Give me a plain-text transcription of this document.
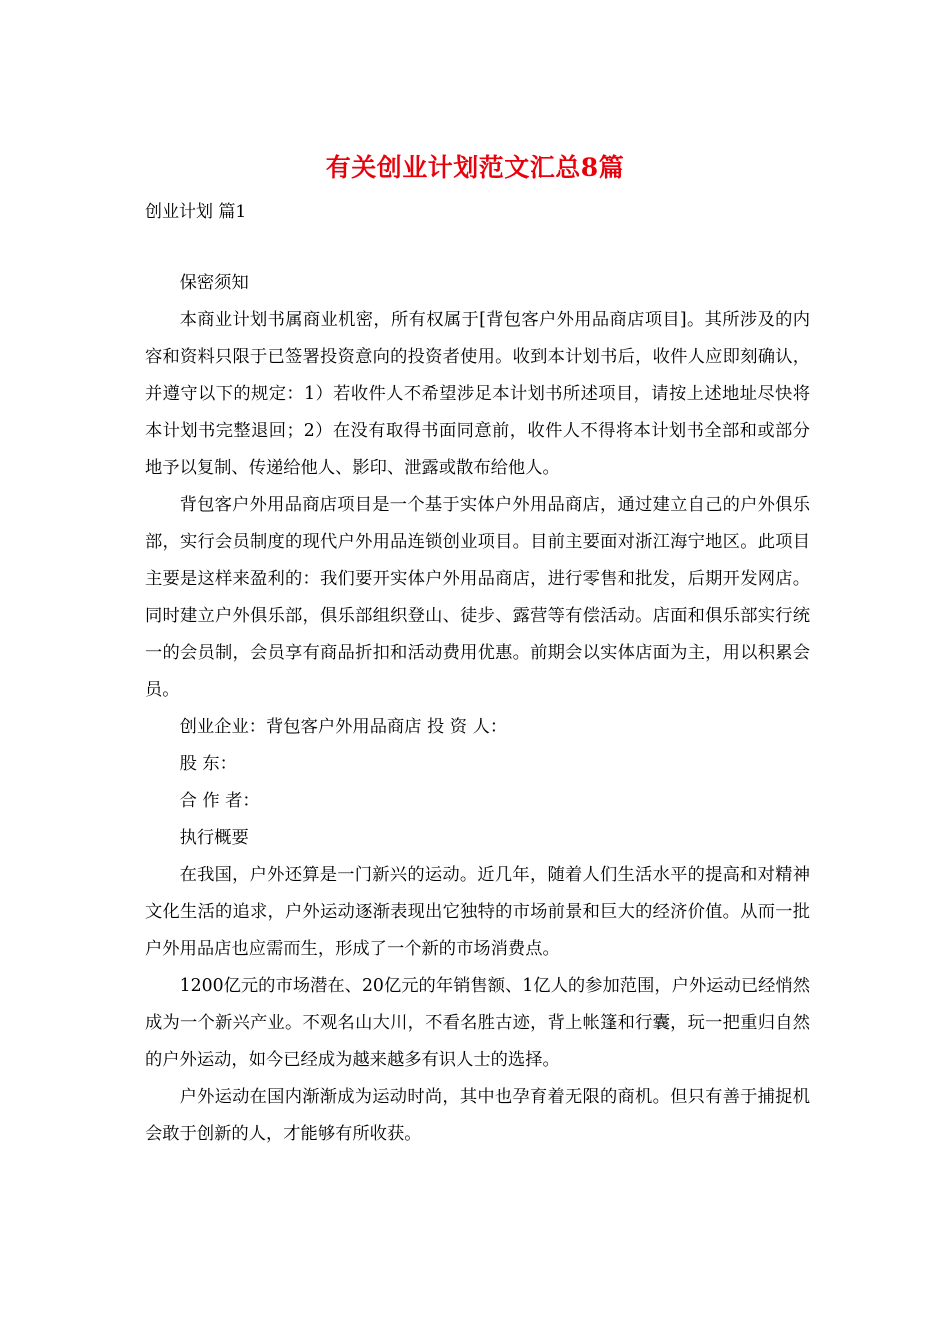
有关创业计划范文汇总8篇
创业计划 篇1

保密须知

本商业计划书属商业机密，所有权属于[背包客户外用品商店项目]。其所涉及的内容和资料只限于已签署投资意向的投资者使用。收到本计划书后，收件人应即刻确认，并遵守以下的规定：1）若收件人不希望涉足本计划书所述项目，请按上述地址尽快将本计划书完整退回；2）在没有取得书面同意前，收件人不得将本计划书全部和或部分地予以复制、传递给他人、影印、泄露或散布给他人。

背包客户外用品商店项目是一个基于实体户外用品商店，通过建立自己的户外俱乐部，实行会员制度的现代户外用品连锁创业项目。目前主要面对浙江海宁地区。此项目主要是这样来盈利的：我们要开实体户外用品商店，进行零售和批发，后期开发网店。同时建立户外俱乐部，俱乐部组织登山、徒步、露营等有偿活动。店面和俱乐部实行统一的会员制，会员享有商品折扣和活动费用优惠。前期会以实体店面为主，用以积累会员。

创业企业：背包客户外用品商店 投 资 人：

股 东：

合 作 者：

执行概要

在我国，户外还算是一门新兴的运动。近几年，随着人们生活水平的提高和对精神文化生活的追求，户外运动逐渐表现出它独特的市场前景和巨大的经济价值。从而一批户外用品店也应需而生，形成了一个新的市场消费点。

1200亿元的市场潜在、20亿元的年销售额、1亿人的参加范围，户外运动已经悄然成为一个新兴产业。不观名山大川，不看名胜古迹，背上帐篷和行囊，玩一把重归自然的户外运动，如今已经成为越来越多有识人士的选择。

户外运动在国内渐渐成为运动时尚，其中也孕育着无限的商机。但只有善于捕捉机会敢于创新的人，才能够有所收获。
